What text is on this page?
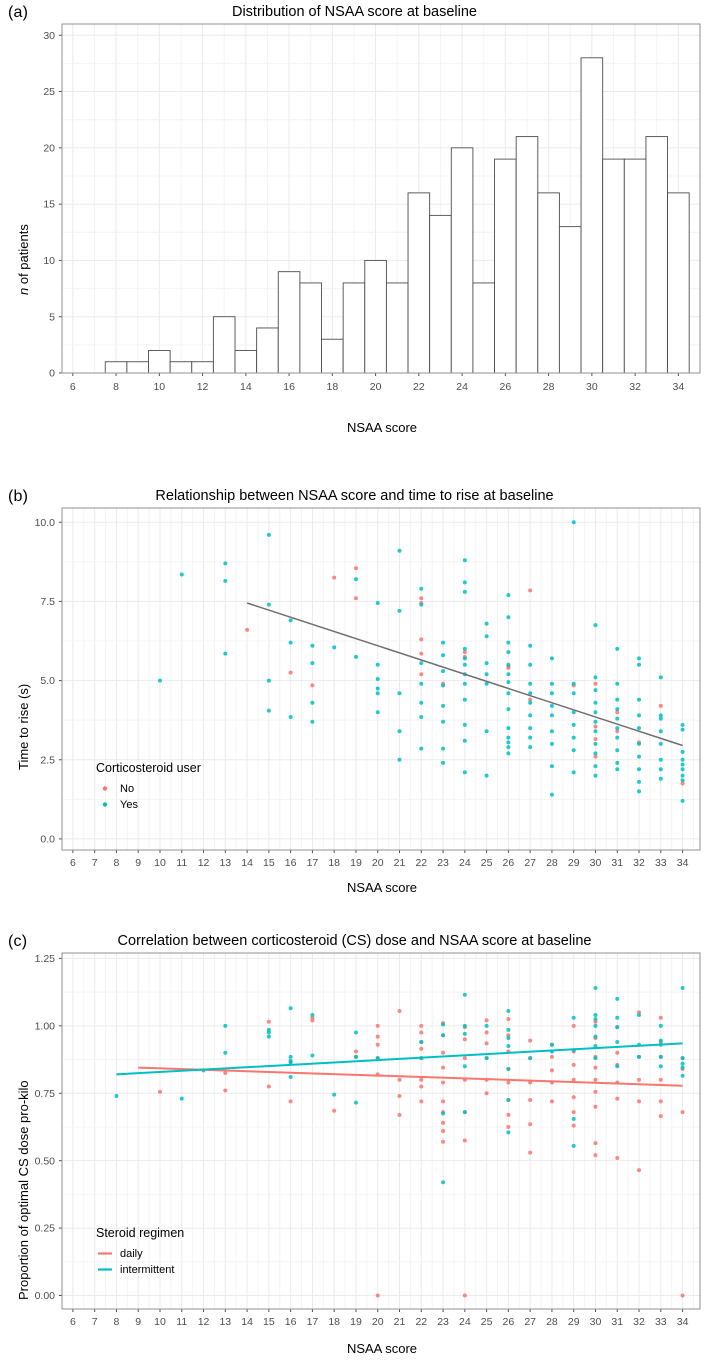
(a)	Distribution of NSAA score at baseline
n of patients
NSAA score
0
5
10
15
20
25
30
6	8	10	12	14	16	18	20	22	24	26	28	30	32	34
(b)	Relationship between NSAA score and time to rise at baseline
Time to rise (s)
NSAA score
0.0
2.5
5.0
7.5
10.0
6 7 8 9 10 11 12 13 14 15 16 17 18 19 20 21 22 23 24 25 26 27 28 29 30 31 32 33 34
Corticosteroid user
No
Yes
(c)	Correlation between corticosteroid (CS) dose and NSAA score at baseline
Proportion of optimal CS dose pro-kilo
NSAA score
0.00
0.25
0.50
0.75
1.00
1.25
6 7 8 9 10 11 12 13 14 15 16 17 18 19 20 21 22 23 24 25 26 27 28 29 30 31 32 33 34
Steroid regimen
daily
intermittent
